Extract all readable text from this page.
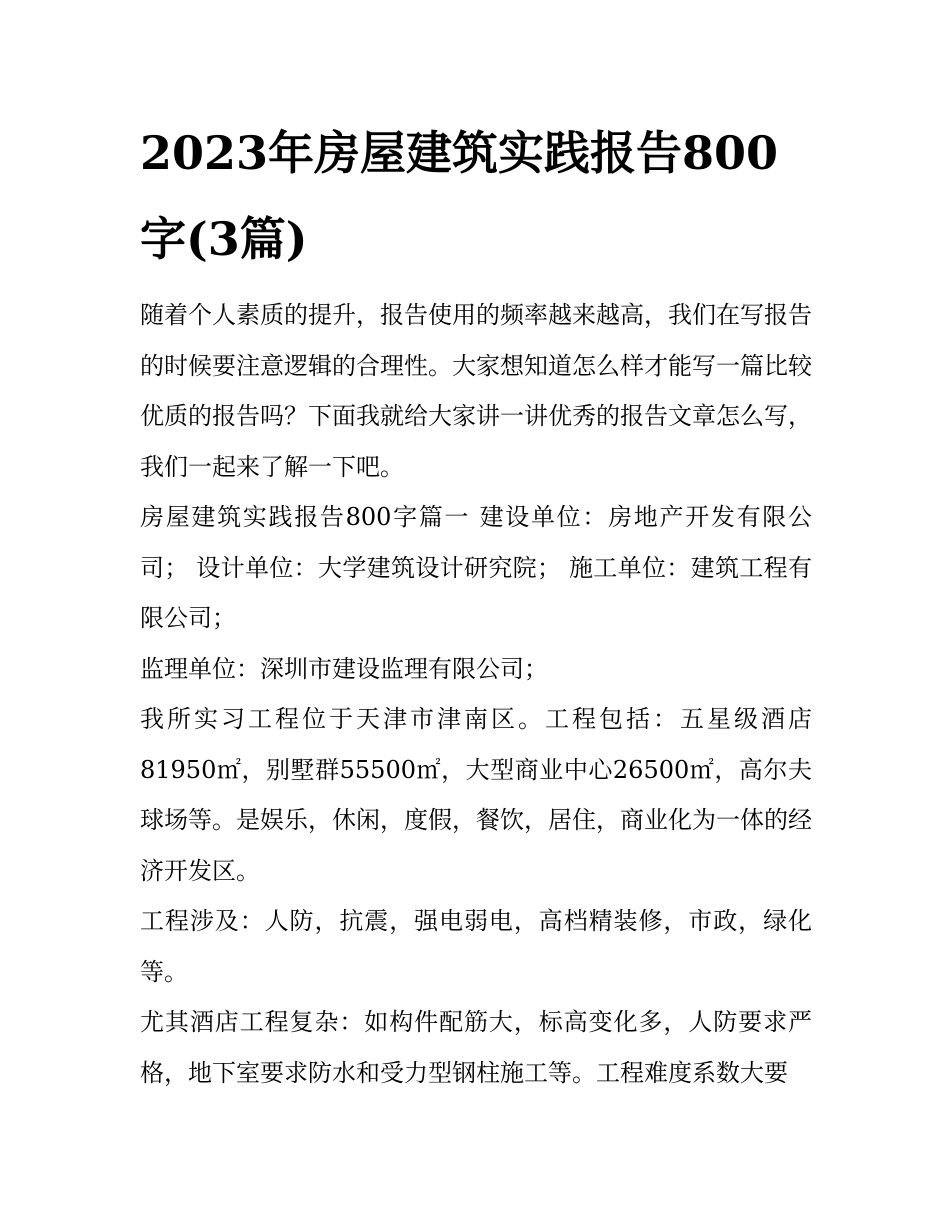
2023年房屋建筑实践报告800字(3篇)

随着个人素质的提升，报告使用的频率越来越高，我们在写报告的时候要注意逻辑的合理性。大家想知道怎么样才能写一篇比较优质的报告吗？下面我就给大家讲一讲优秀的报告文章怎么写，我们一起来了解一下吧。

房屋建筑实践报告800字篇一 建设单位：房地产开发有限公司； 设计单位：大学建筑设计研究院； 施工单位：建筑工程有限公司；

监理单位：深圳市建设监理有限公司；

我所实习工程位于天津市津南区。工程包括：五星级酒店81950㎡，别墅群55500㎡，大型商业中心26500㎡，高尔夫球场等。是娱乐，休闲，度假，餐饮，居住，商业化为一体的经济开发区。

工程涉及：人防，抗震，强电弱电，高档精装修，市政，绿化等。

尤其酒店工程复杂：如构件配筋大，标高变化多，人防要求严格，地下室要求防水和受力型钢柱施工等。工程难度系数大要
